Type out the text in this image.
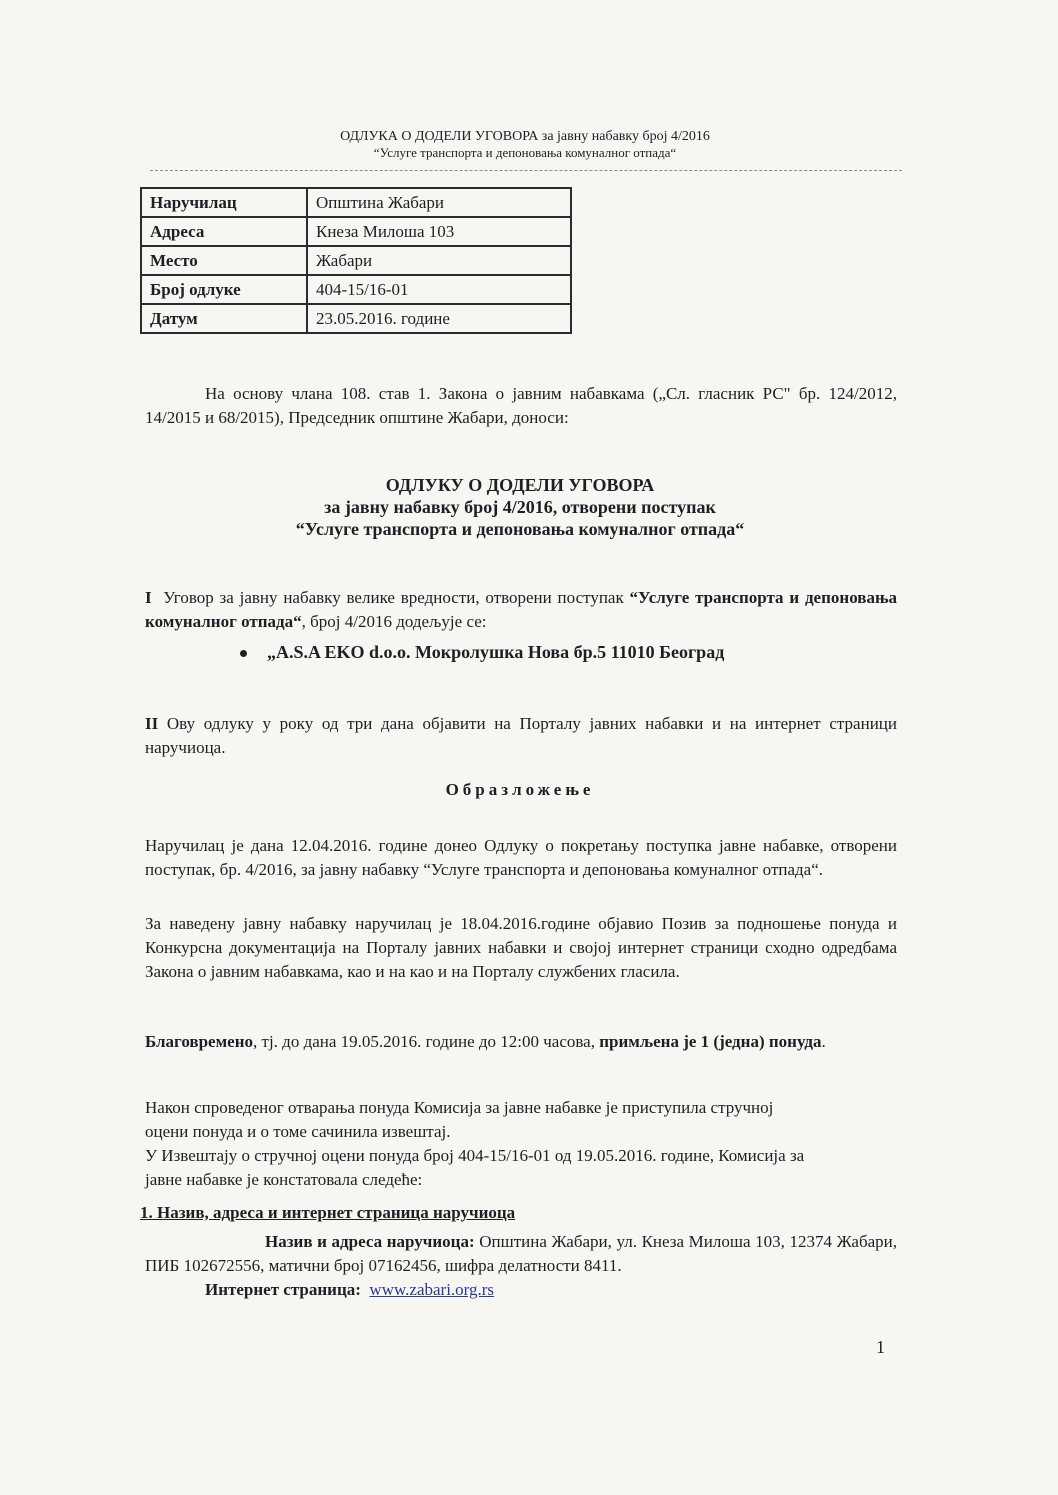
ОДЛУКА О ДОДЕЛИ УГОВОРА за јавну набавку број 4/2016
“Услуге транспорта и депоновања комуналног отпада“
Наручилац	Општина Жабари
Адреса	Кнеза Милоша 103
Место	Жабари
Број одлуке	404-15/16-01
Датум	23.05.2016. године
На основу члана 108. став 1. Закона о јавним набавкама („Сл. гласник РС" бр. 124/2012, 14/2015 и 68/2015), Председник општине Жабари, доноси:
ОДЛУКУ О ДОДЕЛИ УГОВОРА
за јавну набавку број 4/2016, отворени поступак
“Услуге транспорта и депоновања комуналног отпада“
I Уговор за јавну набавку велике вредности, отворени поступак “Услуге транспорта и депоновања комуналног отпада“, број 4/2016 додељује се:
„A.S.A EKO d.o.o. Мокролушка Нова бр.5 11010 Београд
II Ову одлуку у року од три дана објавити на Порталу јавних набавки и на интернет страници наручиоца.
Образложење
Наручилац је дана 12.04.2016. године донео Одлуку о покретању поступка јавне набавке, отворени поступак, бр. 4/2016, за јавну набавку “Услуге транспорта и депоновања комуналног отпада“.
За наведену јавну набавку наручилац је 18.04.2016.године објавио Позив за подношење понуда и Конкурсна документација на Порталу јавних набавки и својој интернет страници сходно одредбама Закона о јавним набавкама, као и на као и на Порталу службених гласила.
Благовремено, тј. до дана 19.05.2016. године до 12:00 часова, примљена је 1 (једна) понуда.
Након спроведеног отварања понуда Комисија за јавне набавке је приступила стручној
оцени понуда и о томе сачинила извештај.
У Извештају о стручној оцени понуда број 404-15/16-01 од 19.05.2016. године, Комисија за
јавне набавке је констатовала следеће:
1. Назив, адреса и интернет страница наручиоца
Назив и адреса наручиоца: Општина Жабари, ул. Кнеза Милоша 103, 12374 Жабари, ПИБ 102672556, матични број 07162456, шифра делатности 8411.
Интернет страница: www.zabari.org.rs
1
